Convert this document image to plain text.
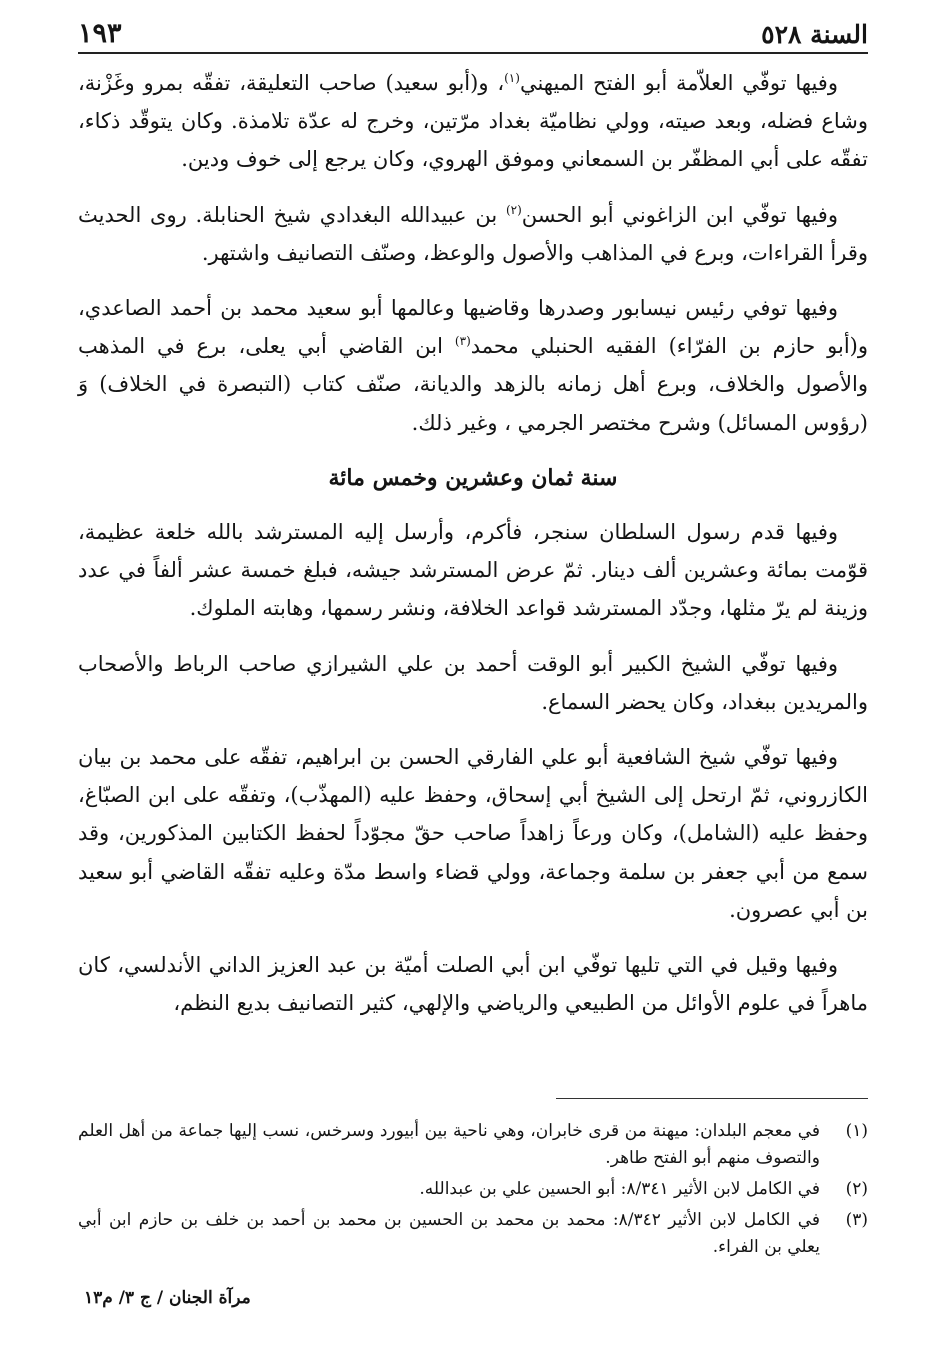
السنة ٥٢٨
١٩٣

وفيها توفّي العلاّمة أبو الفتح الميهني$^{(١)}$، و(أبو سعيد) صاحب التعليقة، تفقّه بمرو وغَزْنة، وشاع فضله، وبعد صيته، وولي نظاميّة بغداد مرّتين، وخرج له عدّة تلامذة. وكان يتوقّد ذكاء، تفقّه على أبي المظفّر بن السمعاني وموفق الهروي، وكان يرجع إلى خوف ودين.

وفيها توفّي ابن الزاغوني أبو الحسن$^{(٢)}$ بن عبيدالله البغدادي شيخ الحنابلة. روى الحديث وقرأ القراءات، وبرع في المذاهب والأصول والوعظ، وصنّف التصانيف واشتهر.

وفيها توفي رئيس نيسابور وصدرها وقاضيها وعالمها أبو سعيد محمد بن أحمد الصاعدي، و(أبو حازم بن الفرّاء) الفقيه الحنبلي محمد$^{(٣)}$ ابن القاضي أبي يعلى، برع في المذهب والأصول والخلاف، وبرع أهل زمانه بالزهد والديانة، صنّف كتاب (التبصرة في الخلاف) وَ (رؤوس المسائل) وشرح مختصر الجرمي ، وغير ذلك.

سنة ثمان وعشرين وخمس مائة

وفيها قدم رسول السلطان سنجر، فأكرم، وأرسل إليه المسترشد بالله خلعة عظيمة، قوّمت بمائة وعشرين ألف دينار. ثمّ عرض المسترشد جيشه، فبلغ خمسة عشر ألفاً في عدد وزينة لم يرّ مثلها، وجدّد المسترشد قواعد الخلافة، ونشر رسمها، وهابته الملوك.

وفيها توفّي الشيخ الكبير أبو الوقت أحمد بن علي الشيرازي صاحب الرباط والأصحاب والمريدين ببغداد، وكان يحضر السماع.

وفيها توفّي شيخ الشافعية أبو علي الفارقي الحسن بن ابراهيم، تفقّه على محمد بن بيان الكازروني، ثمّ ارتحل إلى الشيخ أبي إسحاق، وحفظ عليه (المهذّب)، وتفقّه على ابن الصبّاغ، وحفظ عليه (الشامل)، وكان ورعاً زاهداً صاحب حقّ مجوّداً لحفظ الكتابين المذكورين، وقد سمع من أبي جعفر بن سلمة وجماعة، وولي قضاء واسط مدّة وعليه تفقّه القاضي أبو سعيد بن أبي عصرون.

وفيها وقيل في التي تليها توفّي ابن أبي الصلت أميّة بن عبد العزيز الداني الأندلسي، كان ماهراً في علوم الأوائل من الطبيعي والرياضي والإلهي، كثير التصانيف بديع النظم،

(١)
في معجم البلدان: ميهنة من قرى خابران، وهي ناحية بين أبيورد وسرخس، نسب إليها جماعة من أهل العلم والتصوف منهم أبو الفتح طاهر.
(٢)
في الكامل لابن الأثير ٨/٣٤١: أبو الحسين علي بن عبدالله.
(٣)
في الكامل لابن الأثير ٨/٣٤٢: محمد بن محمد بن الحسين بن محمد بن أحمد بن خلف بن حازم ابن أبي يعلي بن الفراء.
مرآة الجنان / ج ٣/ م١٣
